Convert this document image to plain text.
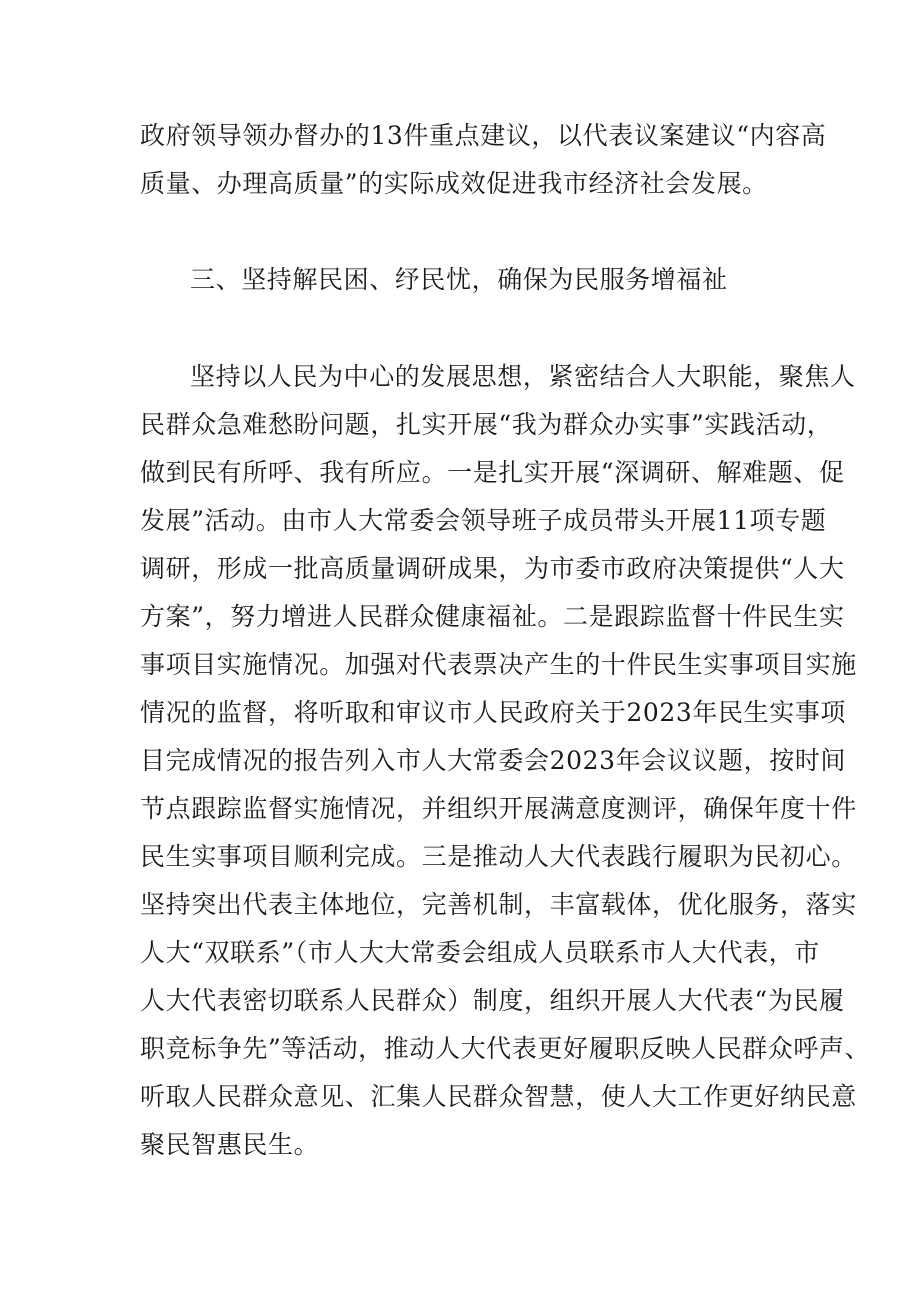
政府领导领办督办的13件重点建议，以代表议案建议“内容高

质量、办理高质量”的实际成效促进我市经济社会发展。

三、坚持解民困、纾民忧，确保为民服务增福祉

坚持以人民为中心的发展思想，紧密结合人大职能，聚焦人

民群众急难愁盼问题，扎实开展“我为群众办实事”实践活动，

做到民有所呼、我有所应。一是扎实开展“深调研、解难题、促

发展”活动。由市人大常委会领导班子成员带头开展11项专题

调研，形成一批高质量调研成果，为市委市政府决策提供“人大

方案”，努力增进人民群众健康福祉。二是跟踪监督十件民生实

事项目实施情况。加强对代表票决产生的十件民生实事项目实施

情况的监督，将听取和审议市人民政府关于2023年民生实事项

目完成情况的报告列入市人大常委会2023年会议议题，按时间

节点跟踪监督实施情况，并组织开展满意度测评，确保年度十件

民生实事项目顺利完成。三是推动人大代表践行履职为民初心。

坚持突出代表主体地位，完善机制，丰富载体，优化服务，落实

人大“双联系”（市人大大常委会组成人员联系市人大代表，市

人大代表密切联系人民群众）制度，组织开展人大代表“为民履

职竞标争先”等活动，推动人大代表更好履职反映人民群众呼声、

听取人民群众意见、汇集人民群众智慧，使人大工作更好纳民意

聚民智惠民生。
